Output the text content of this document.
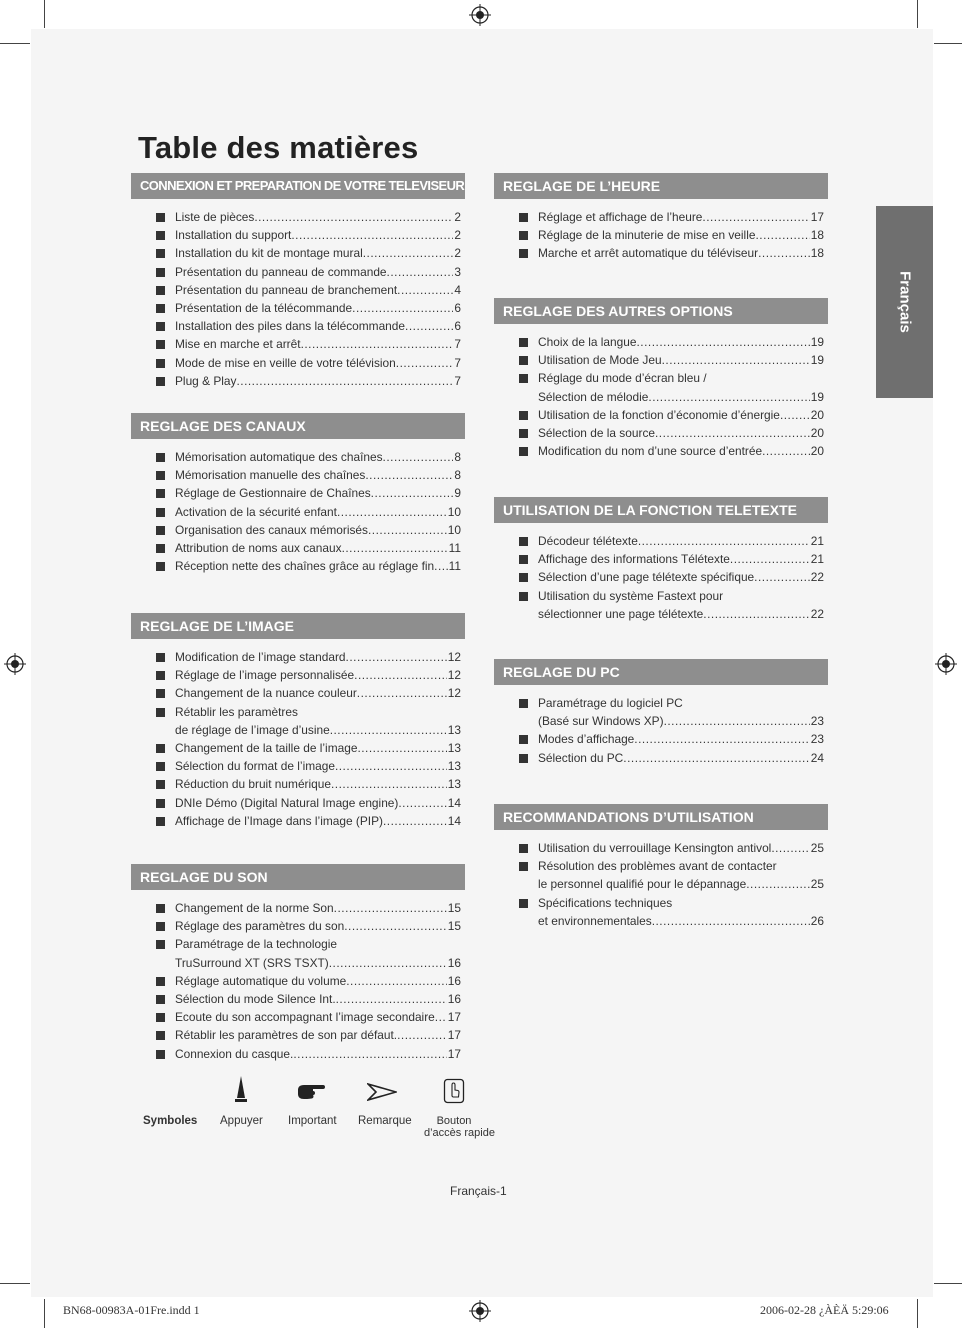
Table des matières
Français
CONNEXION ET PREPARATION DE VOTRE TELEVISEUR
Liste de pièces .....	2
Installation du support .....	2
Installation du kit de montage mural .....	2
Présentation du panneau de commande .....	3
Présentation du panneau de branchement .....	4
Présentation de la télécommande .....	6
Installation des piles dans la télécommande .....	6
Mise en marche et arrêt .....	7
Mode de mise en veille de votre télévision .....	7
Plug & Play .....	7
REGLAGE DES CANAUX
Mémorisation automatique des chaînes .....	8
Mémorisation manuelle des chaînes .....	8
Réglage de Gestionnaire de Chaînes .....	9
Activation de la sécurité enfant .....	10
Organisation des canaux mémorisés .....	10
Attribution de noms aux canaux .....	11
Réception nette des chaînes grâce au réglage fin ..... 11
REGLAGE DE L’IMAGE
Modification de l’image standard .....	12
Réglage de l’image personnalisée .....	12
Changement de la nuance couleur .....	12
Rétablir les paramètres
de réglage de l’image d’usine .....	13
Changement de la taille de l’image .....	13
Sélection du format de l’image .....	13
Réduction du bruit numérique .....	13
DNIe Démo (Digital Natural Image engine) .....	14
Affichage de l’Image dans l’image (PIP) .....	14
REGLAGE DU SON
Changement de la norme Son .....	15
Réglage des paramètres du son .....	15
Paramétrage de la technologie
TruSurround XT (SRS TSXT) .....	16
Réglage automatique du volume .....	16
Sélection du mode Silence Int. .....	16
Ecoute du son accompagnant l’image secondaire ..... 17
Rétablir les paramètres de son par défaut. .....	17
Connexion du casque. .....	17
REGLAGE DE L’HEURE
Réglage et affichage de l’heure .....	17
Réglage de la minuterie de mise en veille .....	18
Marche et arrêt automatique du téléviseur .....	18
REGLAGE DES AUTRES OPTIONS
Choix de la langue .....	19
Utilisation de Mode Jeu .....	19
Réglage du mode d’écran bleu /
Sélection de mélodie .....	19
Utilisation de la fonction d’économie d’énergie .....	20
Sélection de la source .....	20
Modification du nom d’une source d’entrée .....	20
UTILISATION DE LA FONCTION TELETEXTE
Décodeur télétexte .....	21
Affichage des informations Télétexte .....	21
Sélection d’une page télétexte spécifique .....	22
Utilisation du système Fastext pour
sélectionner une page télétexte .....	22
REGLAGE DU PC
Paramétrage du logiciel PC
(Basé sur Windows XP) .....	23
Modes d’affichage .....	23
Sélection du PC .....	24
RECOMMANDATIONS D’UTILISATION
Utilisation du verrouillage Kensington antivol .....	25
Résolution des problèmes avant de contacter
le personnel qualifié pour le dépannage .....	25
Spécifications techniques
et environnementales .....	26
Symboles Appuyer Important Remarque	Bouton
d’accès rapide
Français-1
BN68-00983A-01Fre.indd 1	2006-02-28 ¿ÀÈÄ 5:29:06
